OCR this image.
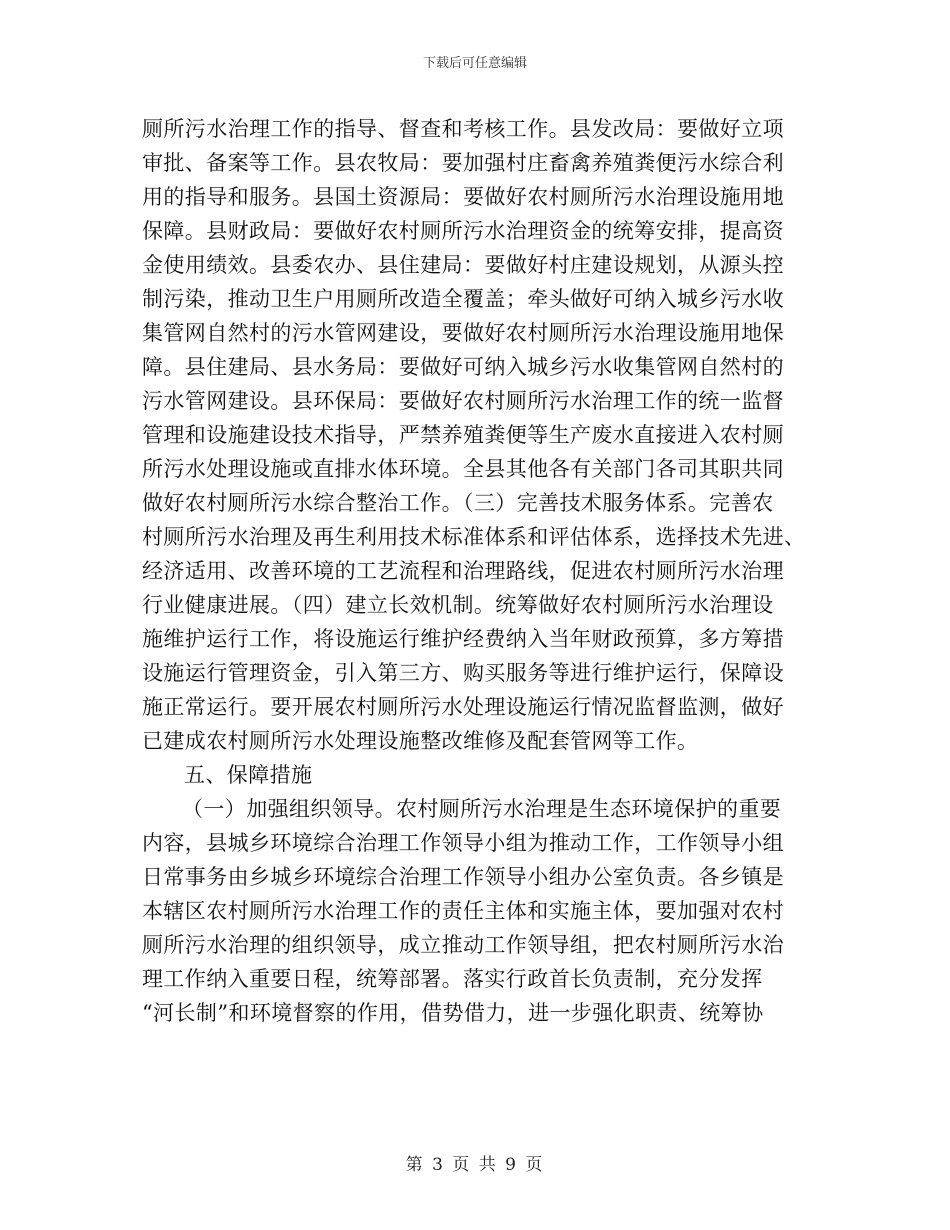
下载后可任意编辑
厕所污水治理工作的指导、督查和考核工作。县发改局：要做好立项
审批、备案等工作。县农牧局：要加强村庄畜禽养殖粪便污水综合利
用的指导和服务。县国土资源局：要做好农村厕所污水治理设施用地
保障。县财政局：要做好农村厕所污水治理资金的统筹安排，提高资
金使用绩效。县委农办、县住建局：要做好村庄建设规划，从源头控
制污染，推动卫生户用厕所改造全覆盖；牵头做好可纳入城乡污水收
集管网自然村的污水管网建设，要做好农村厕所污水治理设施用地保
障。县住建局、县水务局：要做好可纳入城乡污水收集管网自然村的
污水管网建设。县环保局：要做好农村厕所污水治理工作的统一监督
管理和设施建设技术指导，严禁养殖粪便等生产废水直接进入农村厕
所污水处理设施或直排水体环境。全县其他各有关部门各司其职共同
做好农村厕所污水综合整治工作。（三）完善技术服务体系。完善农
村厕所污水治理及再生利用技术标准体系和评估体系，选择技术先进、
经济适用、改善环境的工艺流程和治理路线，促进农村厕所污水治理
行业健康进展。（四）建立长效机制。统筹做好农村厕所污水治理设
施维护运行工作，将设施运行维护经费纳入当年财政预算，多方筹措
设施运行管理资金，引入第三方、购买服务等进行维护运行，保障设
施正常运行。要开展农村厕所污水处理设施运行情况监督监测，做好
已建成农村厕所污水处理设施整改维修及配套管网等工作。
五、保障措施
（一）加强组织领导。农村厕所污水治理是生态环境保护的重要
内容，县城乡环境综合治理工作领导小组为推动工作，工作领导小组
日常事务由乡城乡环境综合治理工作领导小组办公室负责。各乡镇是
本辖区农村厕所污水治理工作的责任主体和实施主体，要加强对农村
厕所污水治理的组织领导，成立推动工作领导组，把农村厕所污水治
理工作纳入重要日程，统筹部署。落实行政首长负责制，充分发挥
“河长制”和环境督察的作用，借势借力，进一步强化职责、统筹协
第 3 页 共 9 页
